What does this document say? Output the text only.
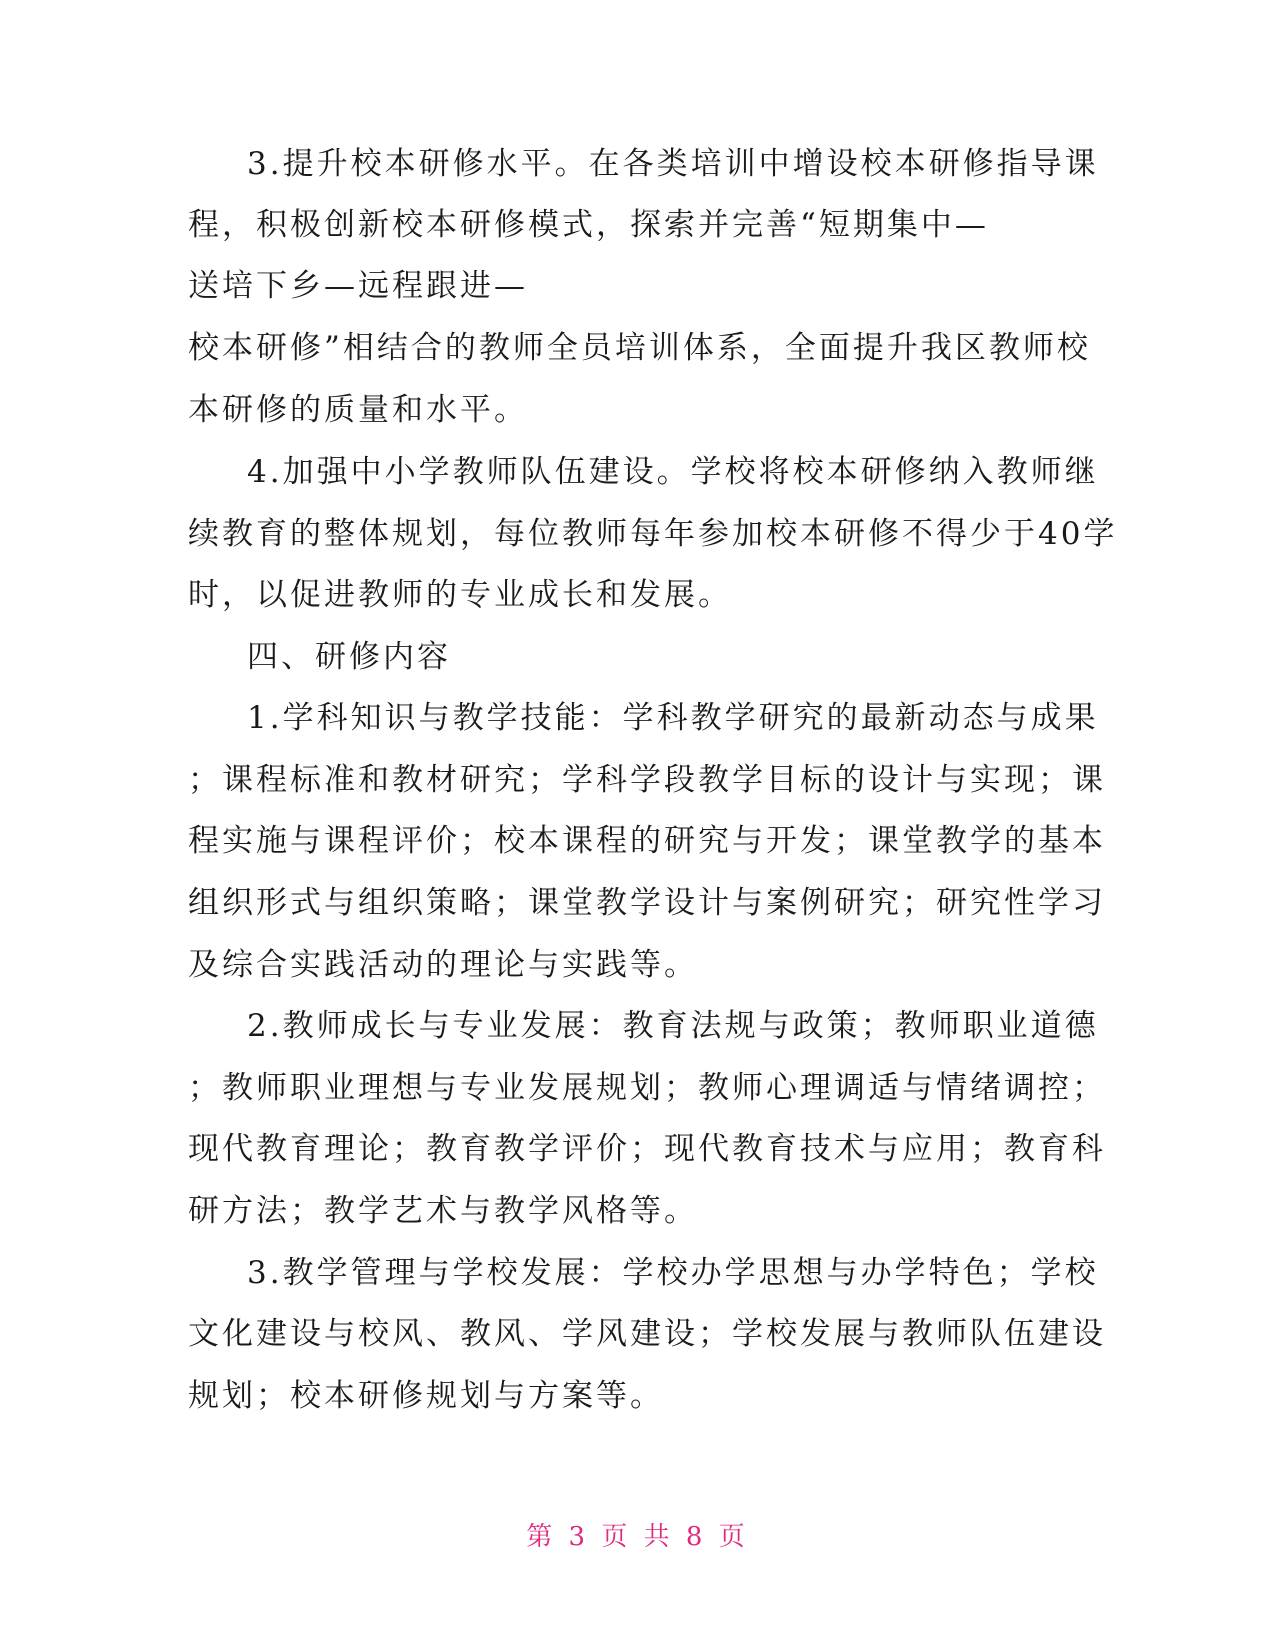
3.提升校本研修水平。在各类培训中增设校本研修指导课

程，积极创新校本研修模式，探索并完善“短期集中—

送培下乡—远程跟进—

校本研修”相结合的教师全员培训体系，全面提升我区教师校

本研修的质量和水平。

4.加强中小学教师队伍建设。学校将校本研修纳入教师继

续教育的整体规划，每位教师每年参加校本研修不得少于40学

时，以促进教师的专业成长和发展。

四、研修内容

1.学科知识与教学技能：学科教学研究的最新动态与成果

；课程标准和教材研究；学科学段教学目标的设计与实现；课

程实施与课程评价；校本课程的研究与开发；课堂教学的基本

组织形式与组织策略；课堂教学设计与案例研究；研究性学习

及综合实践活动的理论与实践等。

2.教师成长与专业发展：教育法规与政策；教师职业道德

；教师职业理想与专业发展规划；教师心理调适与情绪调控；

现代教育理论；教育教学评价；现代教育技术与应用；教育科

研方法；教学艺术与教学风格等。

3.教学管理与学校发展：学校办学思想与办学特色；学校

文化建设与校风、教风、学风建设；学校发展与教师队伍建设

规划；校本研修规划与方案等。

第 3 页 共 8 页
